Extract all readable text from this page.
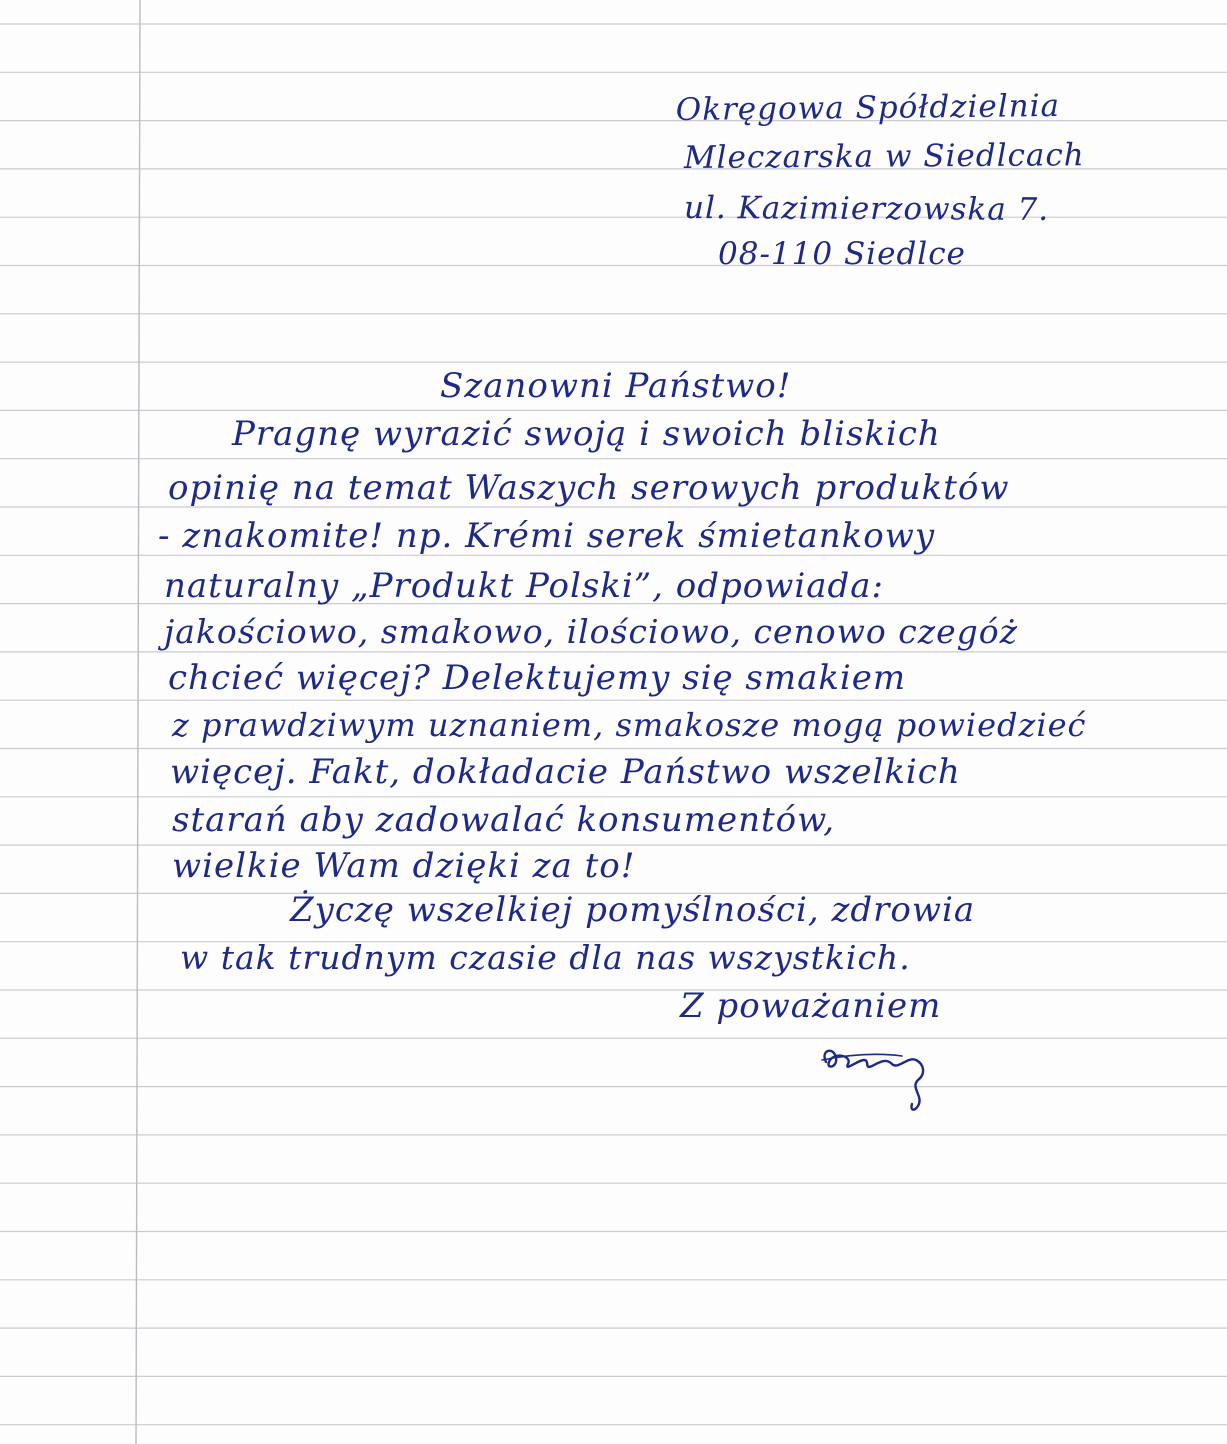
Okręgowa Spółdzielnia
Mleczarska w Siedlcach
ul. Kazimierzowska 7.
08-110 Siedlce
Szanowni Państwo!
Pragnę wyrazić swoją i swoich bliskich
opinię na temat Waszych serowych produktów
- znakomite! np. Krémi serek śmietankowy
naturalny „Produkt Polski”, odpowiada:
jakościowo, smakowo, ilościowo, cenowo czegóż
chcieć więcej? Delektujemy się smakiem
z prawdziwym uznaniem, smakosze mogą powiedzieć
więcej. Fakt, dokładacie Państwo wszelkich
starań aby zadowalać konsumentów,
wielkie Wam dzięki za to!
Życzę wszelkiej pomyślności, zdrowia
w tak trudnym czasie dla nas wszystkich.
Z poważaniem
